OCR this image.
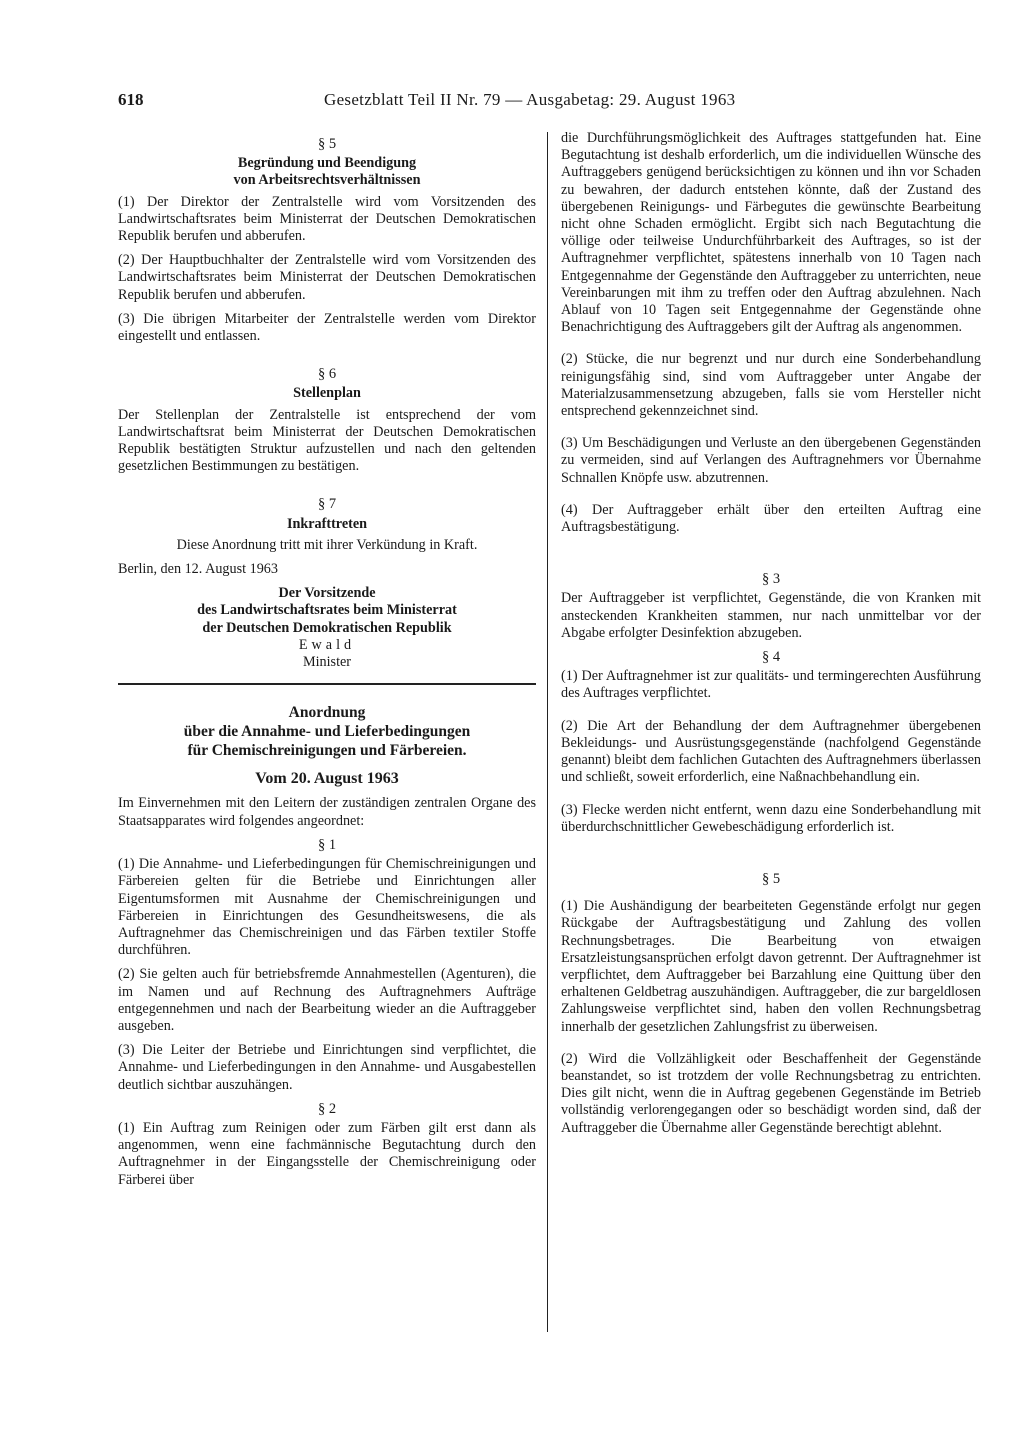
618	Gesetzblatt Teil II Nr. 79 — Ausgabetag: 29. August 1963
§ 5
Begründung und Beendigung
von Arbeitsrechtsverhältnissen

(1) Der Direktor der Zentralstelle wird vom Vorsitzenden des Landwirtschaftsrates beim Ministerrat der Deutschen Demokratischen Republik berufen und abberufen.

(2) Der Hauptbuchhalter der Zentralstelle wird vom Vorsitzenden des Landwirtschaftsrates beim Ministerrat der Deutschen Demokratischen Republik berufen und abberufen.

(3) Die übrigen Mitarbeiter der Zentralstelle werden vom Direktor eingestellt und entlassen.

§ 6
Stellenplan

Der Stellenplan der Zentralstelle ist entsprechend der vom Landwirtschaftsrat beim Ministerrat der Deutschen Demokratischen Republik bestätigten Struktur aufzustellen und nach den geltenden gesetzlichen Bestimmungen zu bestätigen.

§ 7
Inkrafttreten

Diese Anordnung tritt mit ihrer Verkündung in Kraft.

Berlin, den 12. August 1963

Der Vorsitzende
des Landwirtschaftsrates beim Ministerrat
der Deutschen Demokratischen Republik
Ewald
Minister
Anordnung
über die Annahme- und Lieferbedingungen
für Chemischreinigungen und Färbereien.
Vom 20. August 1963

Im Einvernehmen mit den Leitern der zuständigen zentralen Organe des Staatsapparates wird folgendes angeordnet:

§ 1

(1) Die Annahme- und Lieferbedingungen für Chemischreinigungen und Färbereien gelten für die Betriebe und Einrichtungen aller Eigentumsformen mit Ausnahme der Chemischreinigungen und Färbereien in Einrichtungen des Gesundheitswesens, die als Auftragnehmer das Chemischreinigen und das Färben textiler Stoffe durchführen.

(2) Sie gelten auch für betriebsfremde Annahmestellen (Agenturen), die im Namen und auf Rechnung des Auftragnehmers Aufträge entgegennehmen und nach der Bearbeitung wieder an die Auftraggeber ausgeben.

(3) Die Leiter der Betriebe und Einrichtungen sind verpflichtet, die Annahme- und Lieferbedingungen in den Annahme- und Ausgabestellen deutlich sichtbar auszuhängen.

§ 2

(1) Ein Auftrag zum Reinigen oder zum Färben gilt erst dann als angenommen, wenn eine fachmännische Begutachtung durch den Auftragnehmer in der Eingangsstelle der Chemischreinigung oder Färberei über

die Durchführungsmöglichkeit des Auftrages stattgefunden hat. Eine Begutachtung ist deshalb erforderlich, um die individuellen Wünsche des Auftraggebers genügend berücksichtigen zu können und ihn vor Schaden zu bewahren, der dadurch entstehen könnte, daß der Zustand des übergebenen Reinigungs- und Färbegutes die gewünschte Bearbeitung nicht ohne Schaden ermöglicht. Ergibt sich nach Begutachtung die völlige oder teilweise Undurchführbarkeit des Auftrages, so ist der Auftragnehmer verpflichtet, spätestens innerhalb von 10 Tagen nach Entgegennahme der Gegenstände den Auftraggeber zu unterrichten, neue Vereinbarungen mit ihm zu treffen oder den Auftrag abzulehnen. Nach Ablauf von 10 Tagen seit Entgegennahme der Gegenstände ohne Benachrichtigung des Auftraggebers gilt der Auftrag als angenommen.

(2) Stücke, die nur begrenzt und nur durch eine Sonderbehandlung reinigungsfähig sind, sind vom Auftraggeber unter Angabe der Materialzusammensetzung abzugeben, falls sie vom Hersteller nicht entsprechend gekennzeichnet sind.

(3) Um Beschädigungen und Verluste an den übergebenen Gegenständen zu vermeiden, sind auf Verlangen des Auftragnehmers vor Übernahme Schnallen Knöpfe usw. abzutrennen.

(4) Der Auftraggeber erhält über den erteilten Auftrag eine Auftragsbestätigung.

§ 3

Der Auftraggeber ist verpflichtet, Gegenstände, die von Kranken mit ansteckenden Krankheiten stammen, nur nach unmittelbar vor der Abgabe erfolgter Desinfektion abzugeben.

§ 4

(1) Der Auftragnehmer ist zur qualitäts- und termingerechten Ausführung des Auftrages verpflichtet.

(2) Die Art der Behandlung der dem Auftragnehmer übergebenen Bekleidungs- und Ausrüstungsgegenstände (nachfolgend Gegenstände genannt) bleibt dem fachlichen Gutachten des Auftragnehmers überlassen und schließt, soweit erforderlich, eine Naßnachbehandlung ein.

(3) Flecke werden nicht entfernt, wenn dazu eine Sonderbehandlung mit überdurchschnittlicher Gewebeschädigung erforderlich ist.

§ 5

(1) Die Aushändigung der bearbeiteten Gegenstände erfolgt nur gegen Rückgabe der Auftragsbestätigung und Zahlung des vollen Rechnungsbetrages. Die Bearbeitung von etwaigen Ersatzleistungsansprüchen erfolgt davon getrennt. Der Auftragnehmer ist verpflichtet, dem Auftraggeber bei Barzahlung eine Quittung über den erhaltenen Geldbetrag auszuhändigen. Auftraggeber, die zur bargeldlosen Zahlungsweise verpflichtet sind, haben den vollen Rechnungsbetrag innerhalb der gesetzlichen Zahlungsfrist zu überweisen.

(2) Wird die Vollzähligkeit oder Beschaffenheit der Gegenstände beanstandet, so ist trotzdem der volle Rechnungsbetrag zu entrichten. Dies gilt nicht, wenn die in Auftrag gegebenen Gegenstände im Betrieb vollständig verlorengegangen oder so beschädigt worden sind, daß der Auftraggeber die Übernahme aller Gegenstände berechtigt ablehnt.
